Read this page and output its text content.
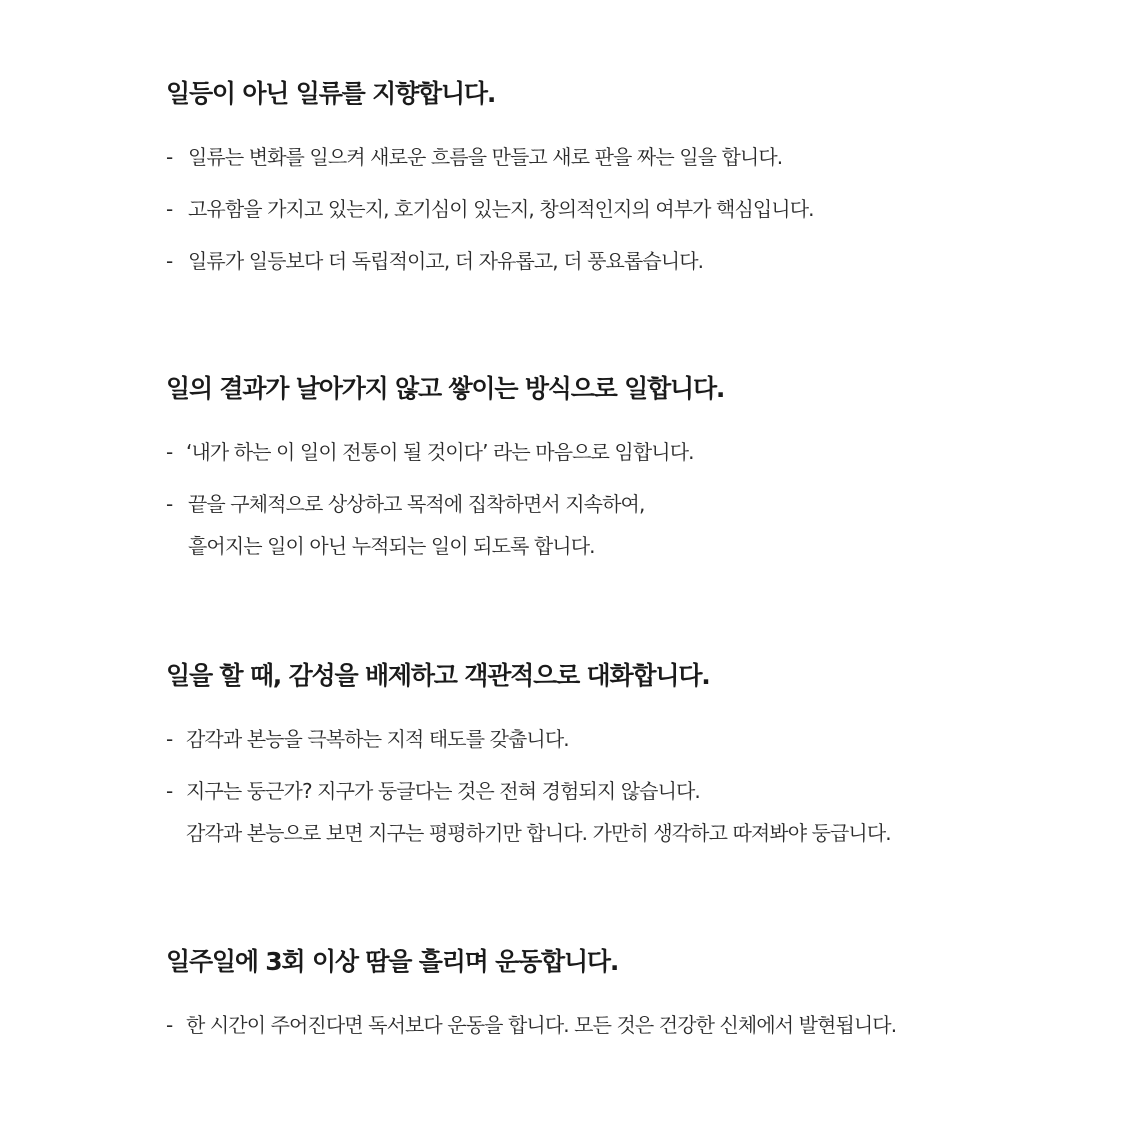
일등이 아닌 일류를 지향합니다.
- 일류는 변화를 일으켜 새로운 흐름을 만들고 새로 판을 짜는 일을 합니다.
- 고유함을 가지고 있는지, 호기심이 있는지, 창의적인지의 여부가 핵심입니다.
- 일류가 일등보다 더 독립적이고, 더 자유롭고, 더 풍요롭습니다.
일의 결과가 날아가지 않고 쌓이는 방식으로 일합니다.
- ‘내가 하는 이 일이 전통이 될 것이다’ 라는 마음으로 임합니다.
- 끝을 구체적으로 상상하고 목적에 집착하면서 지속하여,
흩어지는 일이 아닌 누적되는 일이 되도록 합니다.
일을 할 때, 감성을 배제하고 객관적으로 대화합니다.
- 감각과 본능을 극복하는 지적 태도를 갖춥니다.
- 지구는 둥근가? 지구가 둥글다는 것은 전혀 경험되지 않습니다.
감각과 본능으로 보면 지구는 평평하기만 합니다. 가만히 생각하고 따져봐야 둥급니다.
일주일에 3회 이상 땀을 흘리며 운동합니다.
- 한 시간이 주어진다면 독서보다 운동을 합니다. 모든 것은 건강한 신체에서 발현됩니다.
